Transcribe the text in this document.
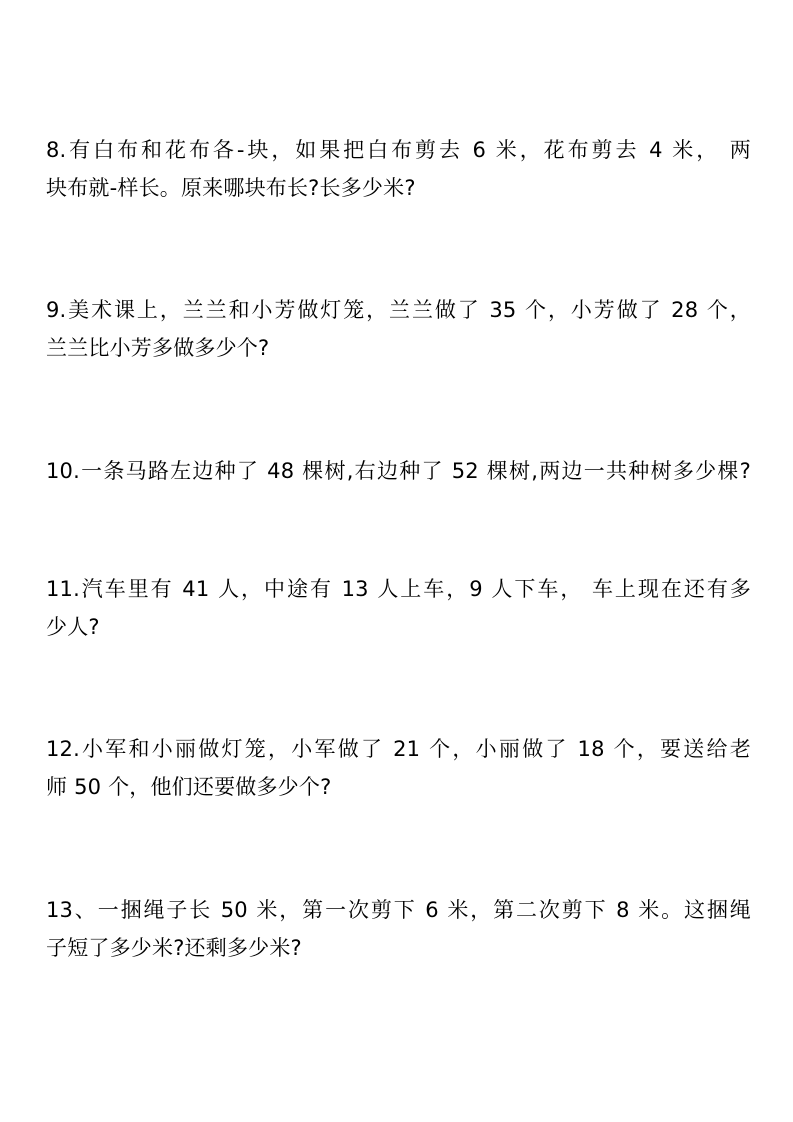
8.有白布和花布各-块，如果把白布剪去 6 米，花布剪去 4 米， 两
块布就-样长。原来哪块布长?长多少米?
9.美术课上，兰兰和小芳做灯笼，兰兰做了 35 个，小芳做了 28 个，
兰兰比小芳多做多少个?
10.一条马路左边种了 48 棵树,右边种了 52 棵树,两边一共种树多少棵?
11.汽车里有 41 人，中途有 13 人上车，9 人下车， 车上现在还有多
少人?
12.小军和小丽做灯笼，小军做了 21 个，小丽做了 18 个，要送给老
师 50 个，他们还要做多少个?
13、一捆绳子长 50 米，第一次剪下 6 米，第二次剪下 8 米。这捆绳
子短了多少米?还剩多少米?
